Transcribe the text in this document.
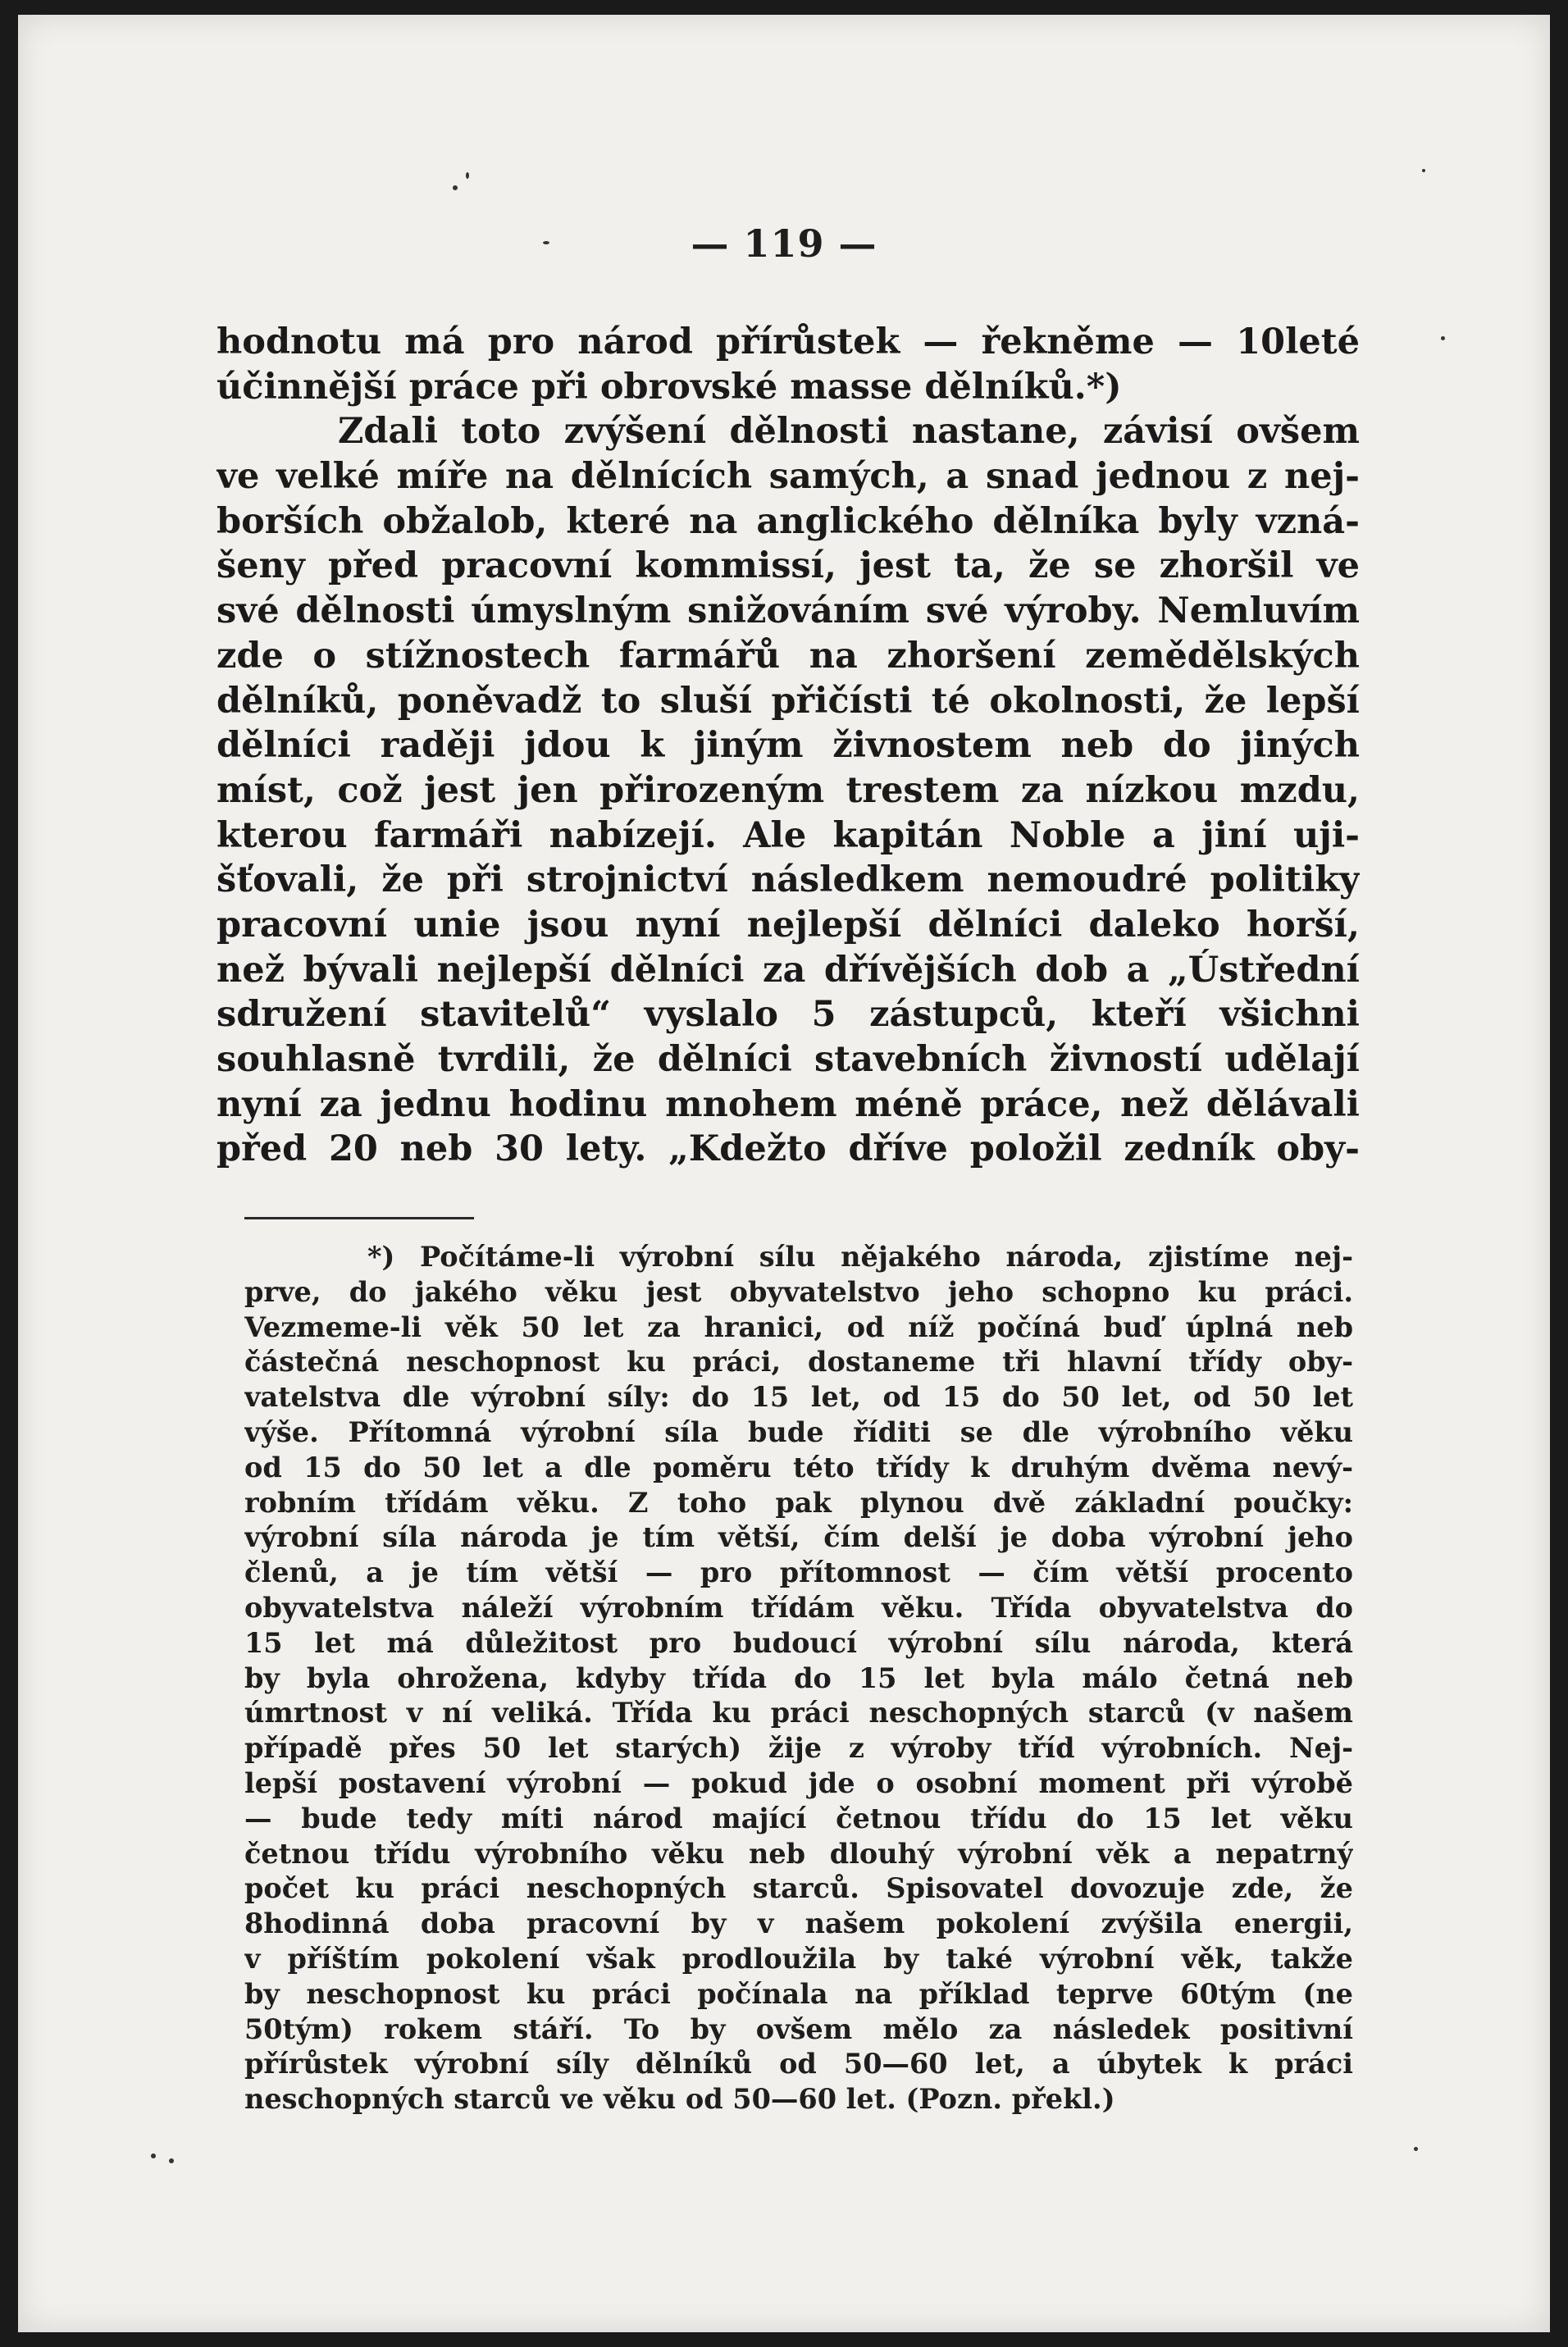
— 119 —
hodnotu má pro národ přírůstek — řekněme — 10leté
účinnější práce při obrovské masse dělníků.*)
Zdali toto zvýšení dělnosti nastane, závisí ovšem
ve velké míře na dělnících samých, a snad jednou z nej-
borších obžalob, které na anglického dělníka byly vzná-
šeny před pracovní kommissí, jest ta, že se zhoršil ve
své dělnosti úmyslným snižováním své výroby. Nemluvím
zde o stížnostech farmářů na zhoršení zemědělských
dělníků, poněvadž to sluší přičísti té okolnosti, že lepší
dělníci raději jdou k jiným živnostem neb do jiných
míst, což jest jen přirozeným trestem za nízkou mzdu,
kterou farmáři nabízejí. Ale kapitán Noble a jiní uji-
šťovali, že při strojnictví následkem nemoudré politiky
pracovní unie jsou nyní nejlepší dělníci daleko horší,
než bývali nejlepší dělníci za dřívějších dob a „Ústřední
sdružení stavitelů“ vyslalo 5 zástupců, kteří všichni
souhlasně tvrdili, že dělníci stavebních živností udělají
nyní za jednu hodinu mnohem méně práce, než dělávali
před 20 neb 30 lety. „Kdežto dříve položil zedník oby-
*) Počítáme-li výrobní sílu nějakého národa, zjistíme nej-
prve, do jakého věku jest obyvatelstvo jeho schopno ku práci.
Vezmeme-li věk 50 let za hranici, od níž počíná buď úplná neb
částečná neschopnost ku práci, dostaneme tři hlavní třídy oby-
vatelstva dle výrobní síly: do 15 let, od 15 do 50 let, od 50 let
výše. Přítomná výrobní síla bude říditi se dle výrobního věku
od 15 do 50 let a dle poměru této třídy k druhým dvěma nevý-
robním třídám věku. Z toho pak plynou dvě základní poučky:
výrobní síla národa je tím větší, čím delší je doba výrobní jeho
členů, a je tím větší — pro přítomnost — čím větší procento
obyvatelstva náleží výrobním třídám věku. Třída obyvatelstva do
15 let má důležitost pro budoucí výrobní sílu národa, která
by byla ohrožena, kdyby třída do 15 let byla málo četná neb
úmrtnost v ní veliká. Třída ku práci neschopných starců (v našem
případě přes 50 let starých) žije z výroby tříd výrobních. Nej-
lepší postavení výrobní — pokud jde o osobní moment při výrobě
— bude tedy míti národ mající četnou třídu do 15 let věku
četnou třídu výrobního věku neb dlouhý výrobní věk a nepatrný
počet ku práci neschopných starců. Spisovatel dovozuje zde, že
8hodinná doba pracovní by v našem pokolení zvýšila energii,
v příštím pokolení však prodloužila by také výrobní věk, takže
by neschopnost ku práci počínala na příklad teprve 60tým (ne
50tým) rokem stáří. To by ovšem mělo za následek positivní
přírůstek výrobní síly dělníků od 50—60 let, a úbytek k práci
neschopných starců ve věku od 50—60 let. (Pozn. překl.)
